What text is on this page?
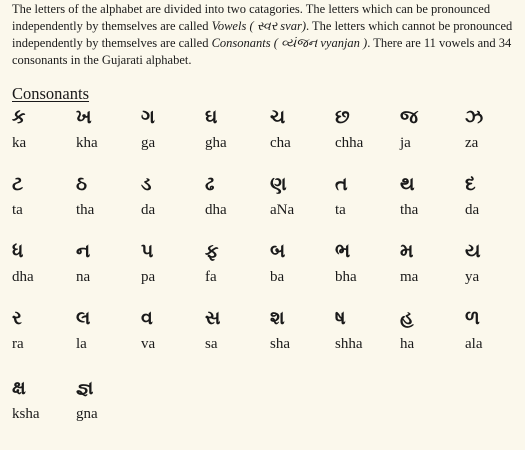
The letters of the alphabet are divided into two catagories. The letters which can be pronounced independently by themselves are called Vowels ( સ્વર svar). The letters which cannot be pronounced independently by themselves are called Consonants ( વ્યંજન vyanjan ). There are 11 vowels and 34 consonants in the Gujarati alphabet.

Consonants
ક
ka
ખ
kha
ગ
ga
ઘ
gha
ચ
cha
છ
chha
જ
ja
ઝ
za
ટ
ta
ઠ
tha
ડ
da
ઢ
dha
ણ
aNa
ત
ta
થ
tha
દ
da
ધ
dha
ન
na
પ
pa
ફ
fa
બ
ba
ભ
bha
મ
ma
ય
ya
ર
ra
લ
la
વ
va
સ
sa
શ
sha
ષ
shha
હ
ha
ળ
ala
ક્ષ
ksha
જ્ઞ
gna
